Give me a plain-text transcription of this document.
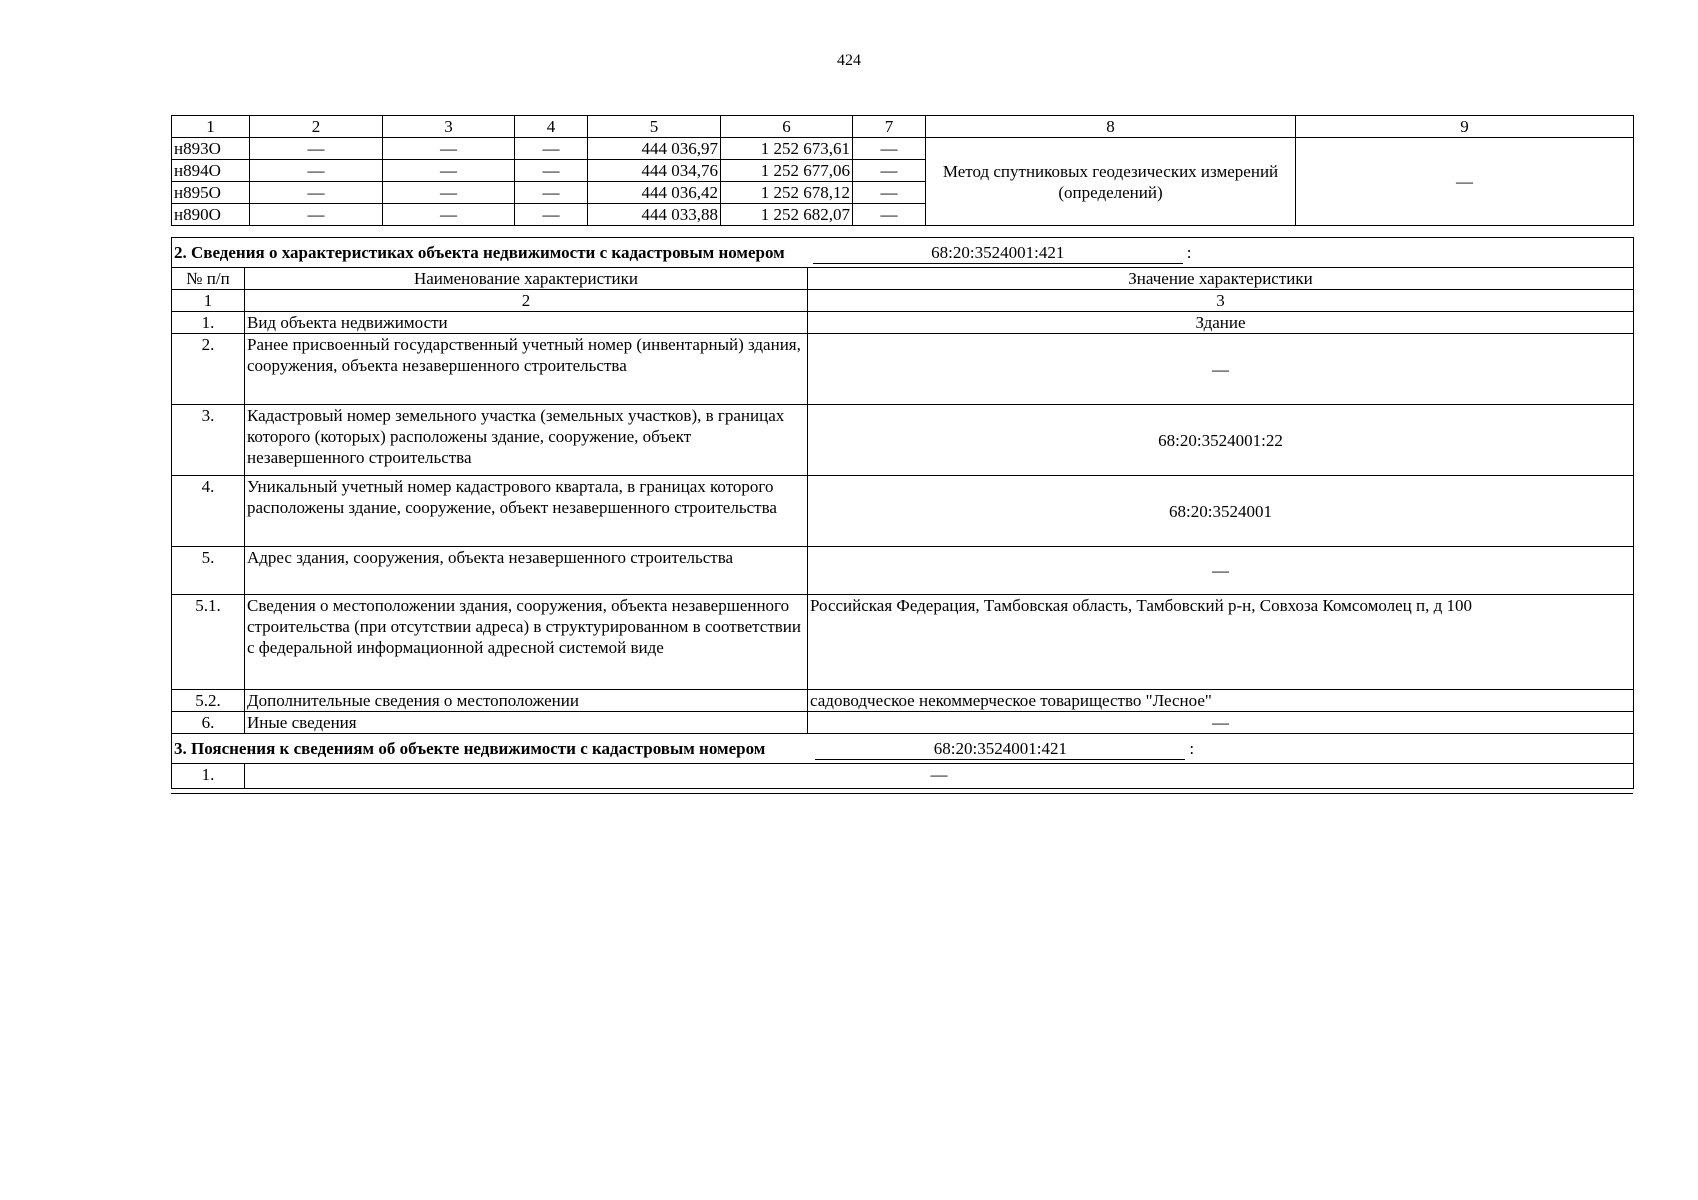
424
1	2	3	4	5	6	7	8	9
н893О	—	—	—	444 036,97	1 252 673,61	—	Метод спутниковых геодезических измерений (определений)	—
н894О	—	—	—	444 034,76	1 252 677,06	—		
н895О	—	—	—	444 036,42	1 252 678,12	—		
н890О	—	—	—	444 033,88	1 252 682,07	—		
2. Сведения о характеристиках объекта недвижимости с кадастровым номером 68:20:3524001:421 :		
№ п/п	Наименование характеристики	Значение характеристики
1	2	3
1.	Вид объекта недвижимости	Здание
2.	Ранее присвоенный государственный учетный номер (инвентарный) здания, сооружения, объекта незавершенного строительства	—
3.	Кадастровый номер земельного участка (земельных участков), в границах которого (которых) расположены здание, сооружение, объект незавершенного строительства	68:20:3524001:22
4.	Уникальный учетный номер кадастрового квартала, в границах которого расположены здание, сооружение, объект незавершенного строительства	68:20:3524001
5.	Адрес здания, сооружения, объекта незавершенного строительства	—
5.1.	Сведения о местоположении здания, сооружения, объекта незавершенного строительства (при отсутствии адреса) в структурированном в соответствии с федеральной информационной адресной системой виде	Российская Федерация, Тамбовская область, Тамбовский р-н, Совхоза Комсомолец п, д 100
5.2.	Дополнительные сведения о местоположении	садоводческое некоммерческое товарищество "Лесное"
6.	Иные сведения	—
3. Пояснения к сведениям об объекте недвижимости с кадастровым номером 68:20:3524001:421 :		
1.	—	
